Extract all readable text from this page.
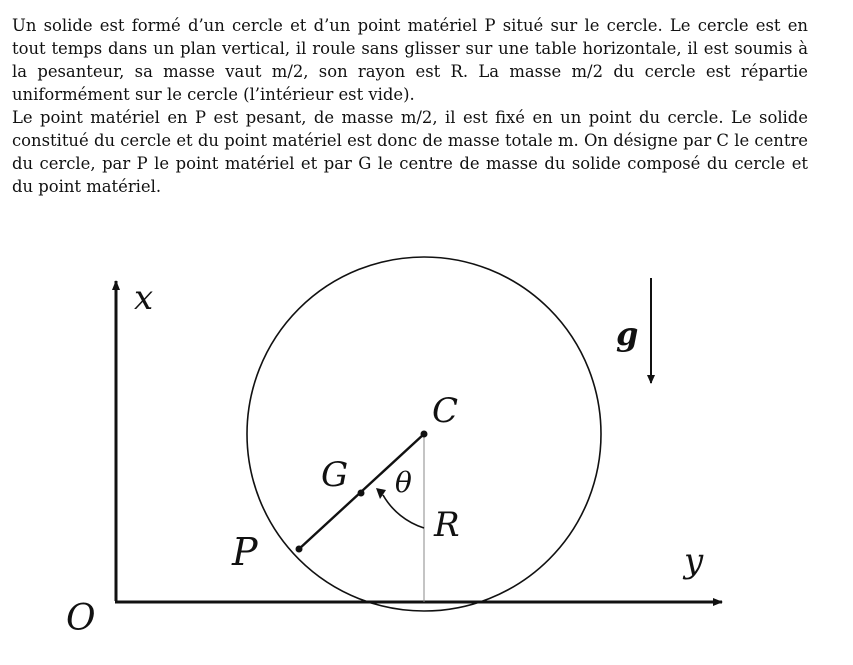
Un solide est formé d’un cercle et d’un point matériel P situé sur le cercle. Le cercle est en tout temps dans un plan vertical, il roule sans glisser sur une table horizontale, il est soumis à la pesanteur, sa masse vaut m/2, son rayon est R. La masse m/2 du cercle est répartie uniformément sur le cercle (l’intérieur est vide).

Le point matériel en P est pesant, de masse m/2, il est fixé en un point du cercle. Le solide constitué du cercle et du point matériel est donc de masse totale m. On désigne par C le centre du cercle, par P le point matériel et par G le centre de masse du solide composé du cercle et du point matériel.

x
y
O
g
C
G θ
R
P
